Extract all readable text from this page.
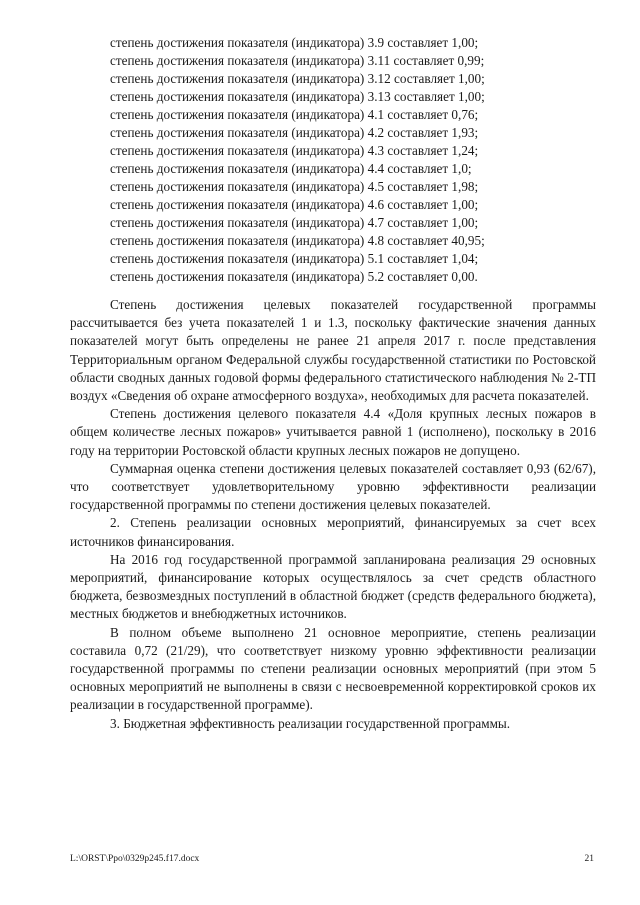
степень достижения показателя (индикатора) 3.9 составляет 1,00;
степень достижения показателя (индикатора) 3.11 составляет 0,99;
степень достижения показателя (индикатора) 3.12 составляет 1,00;
степень достижения показателя (индикатора) 3.13 составляет 1,00;
степень достижения показателя (индикатора) 4.1 составляет 0,76;
степень достижения показателя (индикатора) 4.2 составляет 1,93;
степень достижения показателя (индикатора) 4.3 составляет 1,24;
степень достижения показателя (индикатора) 4.4 составляет 1,0;
степень достижения показателя (индикатора) 4.5 составляет 1,98;
степень достижения показателя (индикатора) 4.6 составляет 1,00;
степень достижения показателя (индикатора) 4.7 составляет 1,00;
степень достижения показателя (индикатора) 4.8 составляет 40,95;
степень достижения показателя (индикатора) 5.1 составляет 1,04;
степень достижения показателя (индикатора) 5.2 составляет 0,00.

Степень достижения целевых показателей государственной программы рассчитывается без учета показателей 1 и 1.3, поскольку фактические значения данных показателей могут быть определены не ранее 21 апреля 2017 г. после представления Территориальным органом Федеральной службы государственной статистики по Ростовской области сводных данных годовой формы федерального статистического наблюдения № 2-ТП воздух «Сведения об охране атмосферного воздуха», необходимых для расчета показателей.

Степень достижения целевого показателя 4.4 «Доля крупных лесных пожаров в общем количестве лесных пожаров» учитывается равной 1 (исполнено), поскольку в 2016 году на территории Ростовской области крупных лесных пожаров не допущено.

Суммарная оценка степени достижения целевых показателей составляет 0,93 (62/67), что соответствует удовлетворительному уровню эффективности реализации государственной программы по степени достижения целевых показателей.

2. Степень реализации основных мероприятий, финансируемых за счет всех источников финансирования.

На 2016 год государственной программой запланирована реализация 29 основных мероприятий, финансирование которых осуществлялось за счет средств областного бюджета, безвозмездных поступлений в областной бюджет (средств федерального бюджета), местных бюджетов и внебюджетных источников.

В полном объеме выполнено 21 основное мероприятие, степень реализации составила 0,72 (21/29), что соответствует низкому уровню эффективности реализации государственной программы по степени реализации основных мероприятий (при этом 5 основных мероприятий не выполнены в связи с несвоевременной корректировкой сроков их реализации в государственной программе).

3. Бюджетная эффективность реализации государственной программы.

L:\ORST\Ppo\0329p245.f17.docx	21
